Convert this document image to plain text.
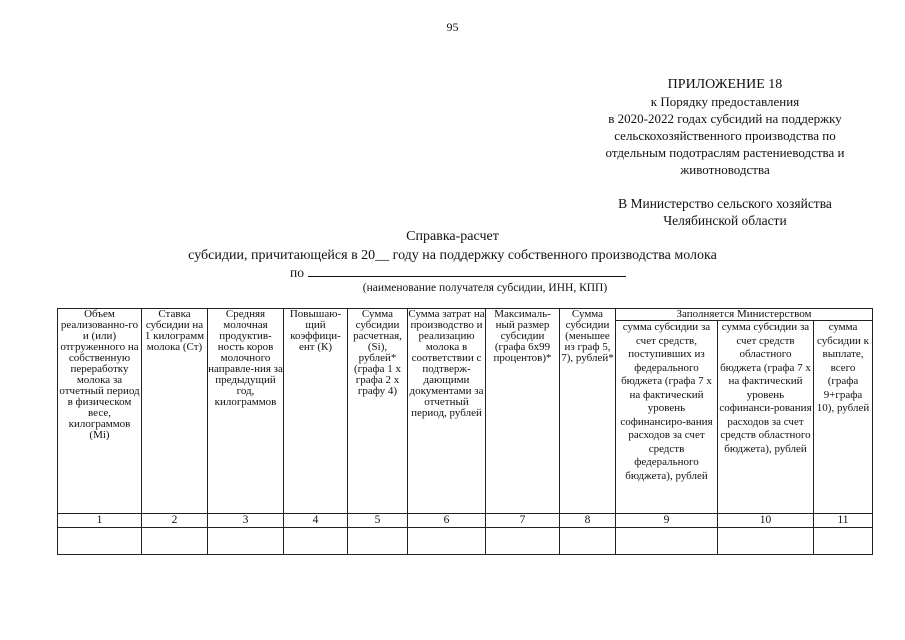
95
ПРИЛОЖЕНИЕ 18
к Порядку предоставления
в 2020-2022 годах субсидий на поддержку
сельскохозяйственного производства по
отдельным подотраслям растениеводства и
животноводства
В Министерство сельского хозяйства
Челябинской области
Справка-расчет
субсидии, причитающейся в 20__ году на поддержку собственного производства молока
по
(наименование получателя субсидии, ИНН, КПП)
Объем реализованно-го и (или) отгруженного на собственную переработку молока за отчетный период в физическом весе, килограммов (Mi)	Ставка субсидии на 1 килограмм молока (Ст)	Средняя молочная продуктив-ность коров молочного направле-ния за предыдущий год, килограммов	Повышаю-щий коэффици-ент (К)	Сумма субсидии расчетная, (Si), рублей* (графа 1 х графа 2 х графу 4)	Сумма затрат на производство и реализацию молока в соответствии с подтверж-дающими документами за отчетный период, рублей	Максималь-ный размер субсидии (графа 6х99 процентов)*	Сумма субсидии (меньшее из граф 5, 7), рублей*	Заполняется Министерством		
								сумма субсидии за счет средств, поступивших из федерального бюджета (графа 7 х на фактический уровень софинансиро-вания расходов за счет средств федерального бюджета), рублей	сумма субсидии за счет средств областного бюджета (графа 7 х на фактический уровень софинанси-рования расходов за счет средств областного бюджета), рублей	сумма субсидии к выплате, всего (графа 9+графа 10), рублей
1	2	3	4	5	6	7	8	9	10	11
